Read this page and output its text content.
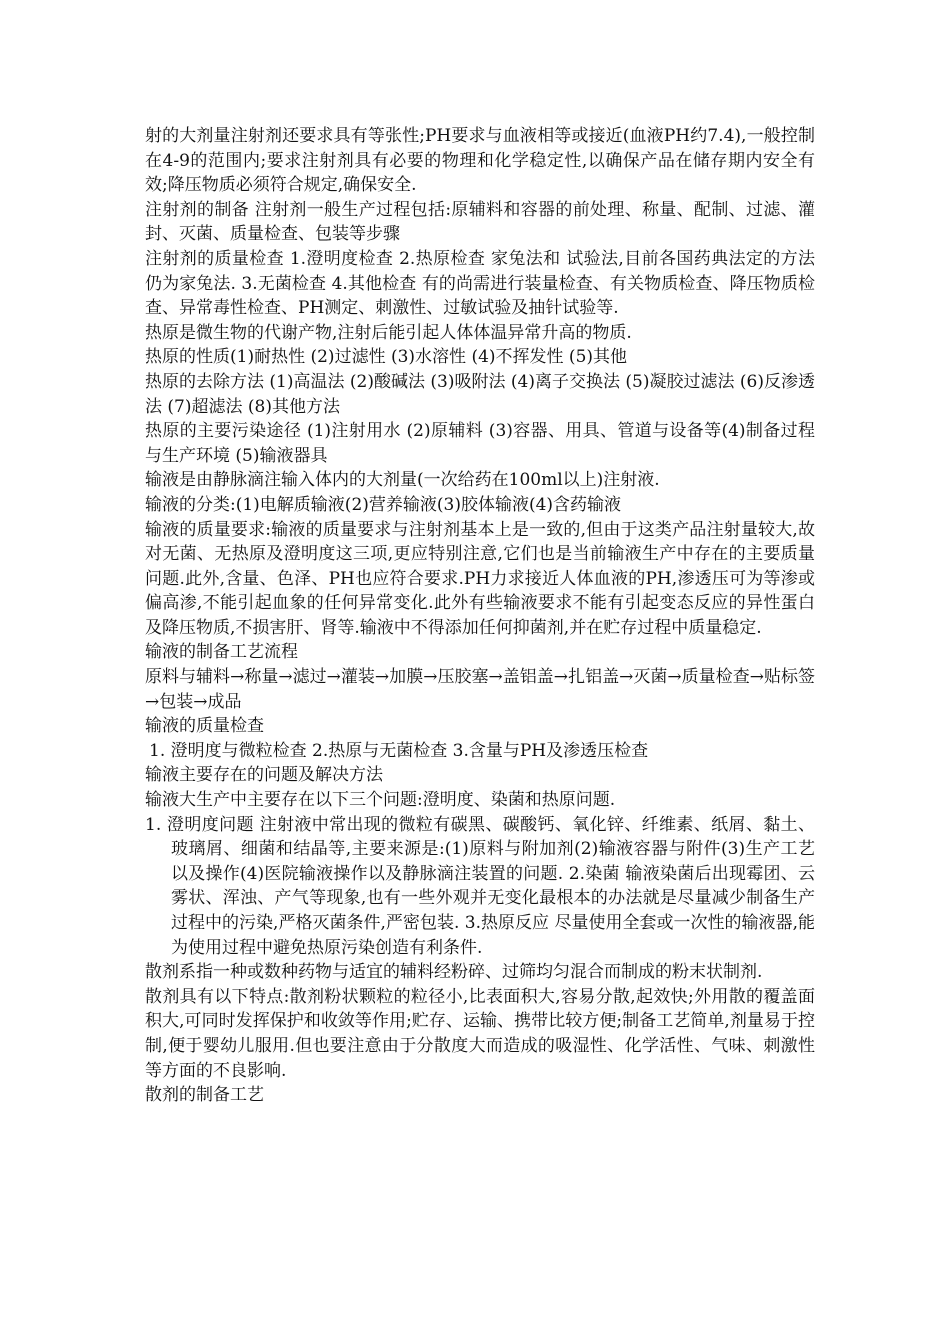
射的大剂量注射剂还要求具有等张性;PH要求与血液相等或接近(血液PH约7.4),一般控制在4-9的范围内;要求注射剂具有必要的物理和化学稳定性,以确保产品在储存期内安全有效;降压物质必须符合规定,确保安全.

注射剂的制备 注射剂一般生产过程包括:原辅料和容器的前处理、称量、配制、过滤、灌封、灭菌、质量检查、包装等步骤

注射剂的质量检查 1.澄明度检查 2.热原检查 家兔法和 试验法,目前各国药典法定的方法仍为家兔法. 3.无菌检查 4.其他检查 有的尚需进行装量检查、有关物质检查、降压物质检查、异常毒性检查、PH测定、刺激性、过敏试验及抽针试验等.

热原是微生物的代谢产物,注射后能引起人体体温异常升高的物质.

热原的性质(1)耐热性 (2)过滤性 (3)水溶性 (4)不挥发性 (5)其他

热原的去除方法 (1)高温法 (2)酸碱法 (3)吸附法 (4)离子交换法 (5)凝胶过滤法 (6)反渗透法 (7)超滤法 (8)其他方法

热原的主要污染途径 (1)注射用水 (2)原辅料 (3)容器、用具、管道与设备等(4)制备过程与生产环境 (5)输液器具

输液是由静脉滴注输入体内的大剂量(一次给药在100ml以上)注射液.

输液的分类:(1)电解质输液(2)营养输液(3)胶体输液(4)含药输液

输液的质量要求:输液的质量要求与注射剂基本上是一致的,但由于这类产品注射量较大,故对无菌、无热原及澄明度这三项,更应特别注意,它们也是当前输液生产中存在的主要质量问题.此外,含量、色泽、PH也应符合要求.PH力求接近人体血液的PH,渗透压可为等渗或偏高渗,不能引起血象的任何异常变化.此外有些输液要求不能有引起变态反应的异性蛋白及降压物质,不损害肝、肾等.输液中不得添加任何抑菌剂,并在贮存过程中质量稳定.

输液的制备工艺流程

原料与辅料→称量→滤过→灌装→加膜→压胶塞→盖铝盖→扎铝盖→灭菌→质量检查→贴标签→包装→成品

输液的质量检查

1. 澄明度与微粒检查 2.热原与无菌检查 3.含量与PH及渗透压检查

输液主要存在的问题及解决方法

输液大生产中主要存在以下三个问题:澄明度、染菌和热原问题.

1. 澄明度问题 注射液中常出现的微粒有碳黑、碳酸钙、氧化锌、纤维素、纸屑、黏土、玻璃屑、细菌和结晶等,主要来源是:(1)原料与附加剂(2)输液容器与附件(3)生产工艺以及操作(4)医院输液操作以及静脉滴注装置的问题. 2.染菌 输液染菌后出现霉团、云雾状、浑浊、产气等现象,也有一些外观并无变化最根本的办法就是尽量减少制备生产过程中的污染,严格灭菌条件,严密包装. 3.热原反应 尽量使用全套或一次性的输液器,能为使用过程中避免热原污染创造有利条件.

散剂系指一种或数种药物与适宜的辅料经粉碎、过筛均匀混合而制成的粉末状制剂.

散剂具有以下特点:散剂粉状颗粒的粒径小,比表面积大,容易分散,起效快;外用散的覆盖面积大,可同时发挥保护和收敛等作用;贮存、运输、携带比较方便;制备工艺简单,剂量易于控制,便于婴幼儿服用.但也要注意由于分散度大而造成的吸湿性、化学活性、气味、刺激性等方面的不良影响.

散剂的制备工艺
